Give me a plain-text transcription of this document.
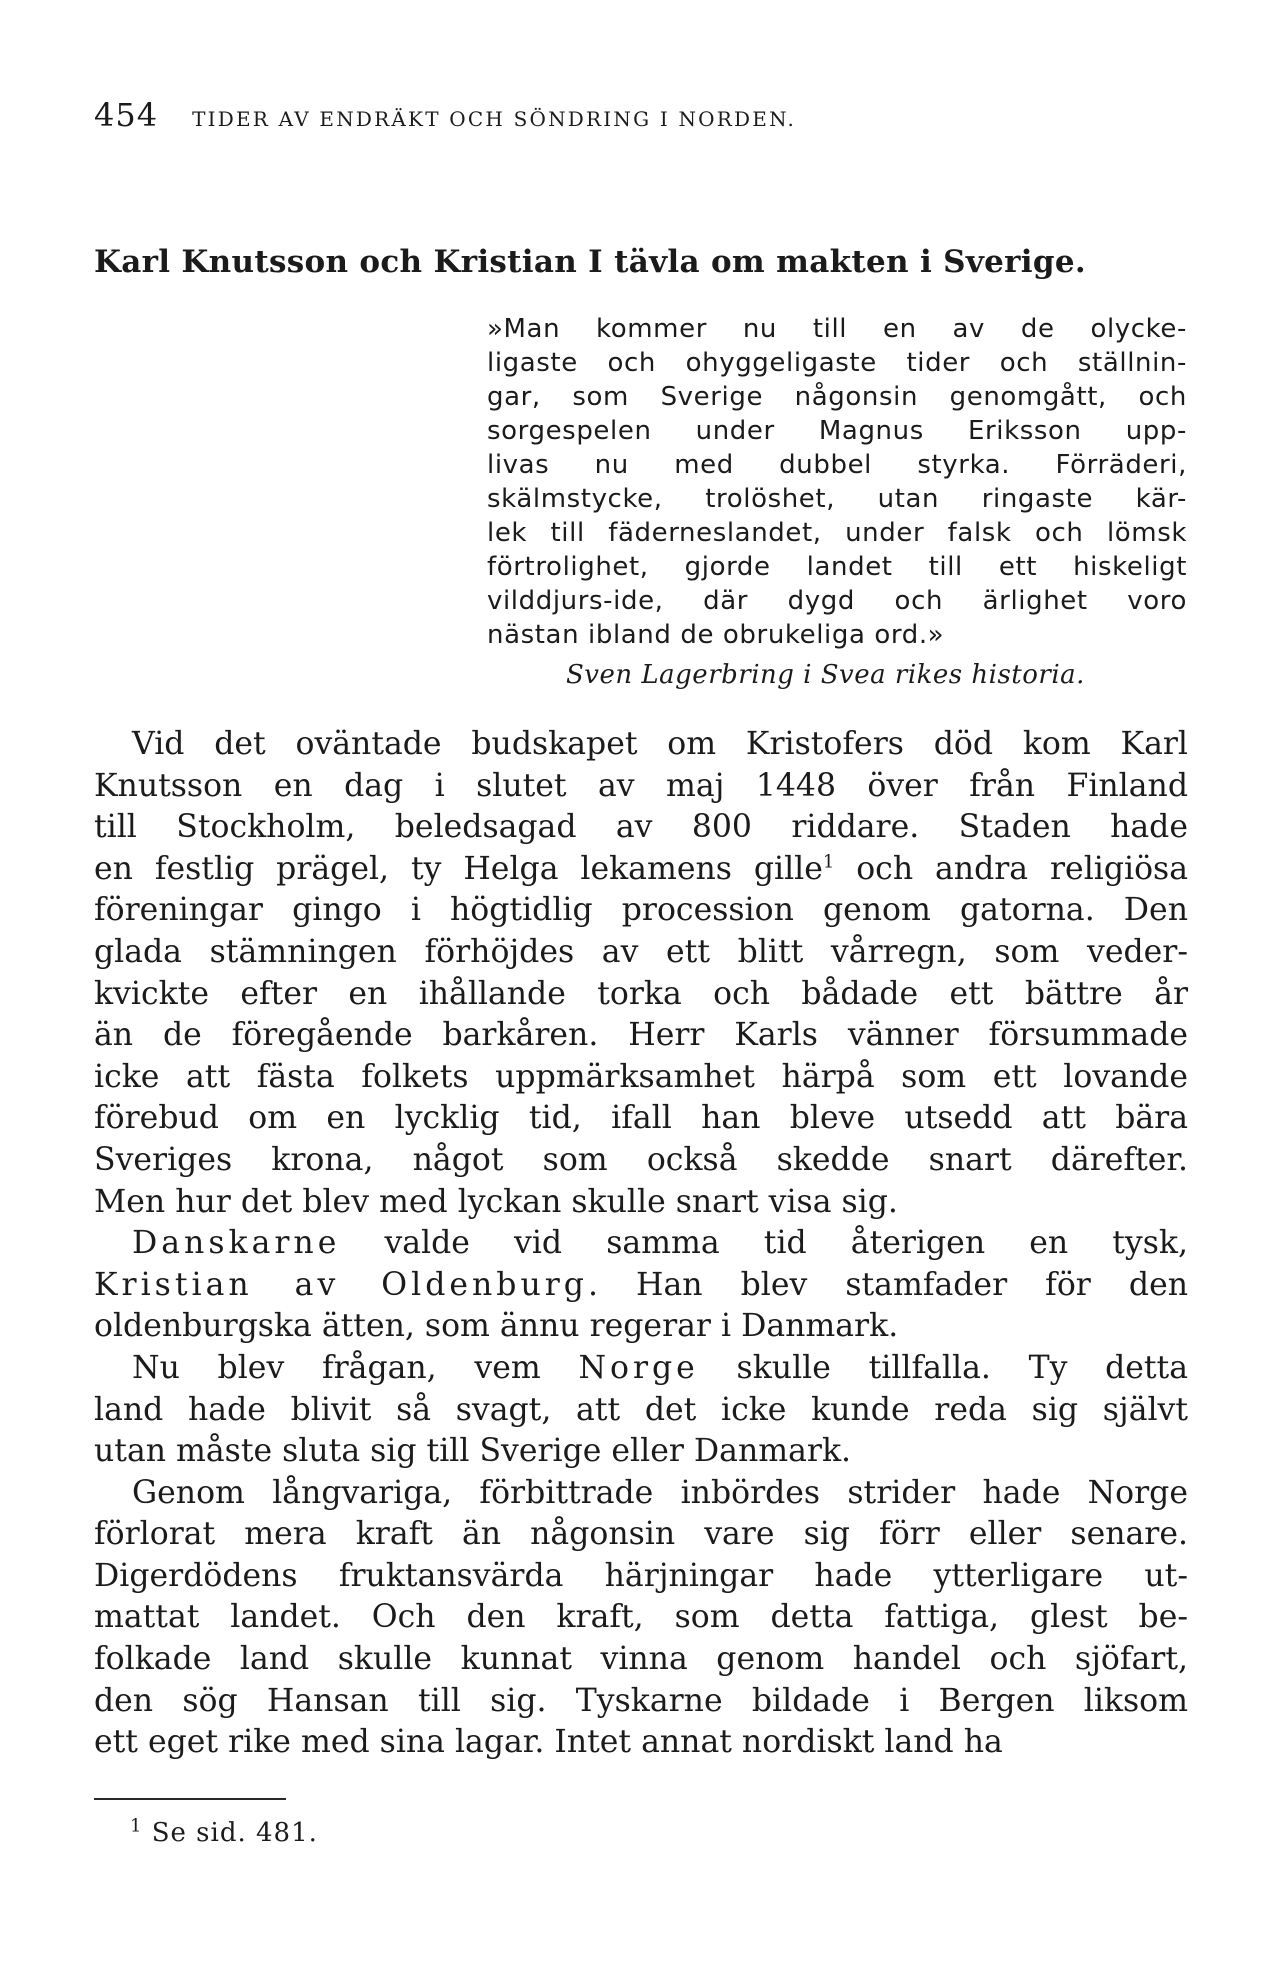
454 TIDER AV ENDRÄKT OCH SÖNDRING I NORDEN.
Karl Knutsson och Kristian I tävla om makten i Sverige.
»Man kommer nu till en av de olycke-
ligaste och ohyggeligaste tider och ställnin-
gar, som Sverige någonsin genomgått, och
sorgespelen under Magnus Eriksson upp-
livas nu med dubbel styrka. Förräderi,
skälmstycke, trolöshet, utan ringaste kär-
lek till fäderneslandet, under falsk och lömsk
förtrolighet, gjorde landet till ett hiskeligt
vilddjurs-ide, där dygd och ärlighet voro
nästan ibland de obrukeliga ord.»
Sven Lagerbring i Svea rikes historia.
Vid det oväntade budskapet om Kristofers död kom Karl
Knutsson en dag i slutet av maj 1448 över från Finland
till Stockholm, beledsagad av 800 riddare. Staden hade
en festlig prägel, ty Helga lekamens gille$^1$ och andra religiösa
föreningar gingo i högtidlig procession genom gatorna. Den
glada stämningen förhöjdes av ett blitt vårregn, som veder-
kvickte efter en ihållande torka och bådade ett bättre år
än de föregående barkåren. Herr Karls vänner försummade
icke att fästa folkets uppmärksamhet härpå som ett lovande
förebud om en lycklig tid, ifall han bleve utsedd att bära
Sveriges krona, något som också skedde snart därefter.
Men hur det blev med lyckan skulle snart visa sig.
Danskarne valde vid samma tid återigen en tysk,
Kristian av Oldenburg. Han blev stamfader för den
oldenburgska ätten, som ännu regerar i Danmark.
Nu blev frågan, vem Norge skulle tillfalla. Ty detta
land hade blivit så svagt, att det icke kunde reda sig självt
utan måste sluta sig till Sverige eller Danmark.
Genom långvariga, förbittrade inbördes strider hade Norge
förlorat mera kraft än någonsin vare sig förr eller senare.
Digerdödens fruktansvärda härjningar hade ytterligare ut-
mattat landet. Och den kraft, som detta fattiga, glest be-
folkade land skulle kunnat vinna genom handel och sjöfart,
den sög Hansan till sig. Tyskarne bildade i Bergen liksom
ett eget rike med sina lagar. Intet annat nordiskt land ha
$^1$ Se sid. 481.
